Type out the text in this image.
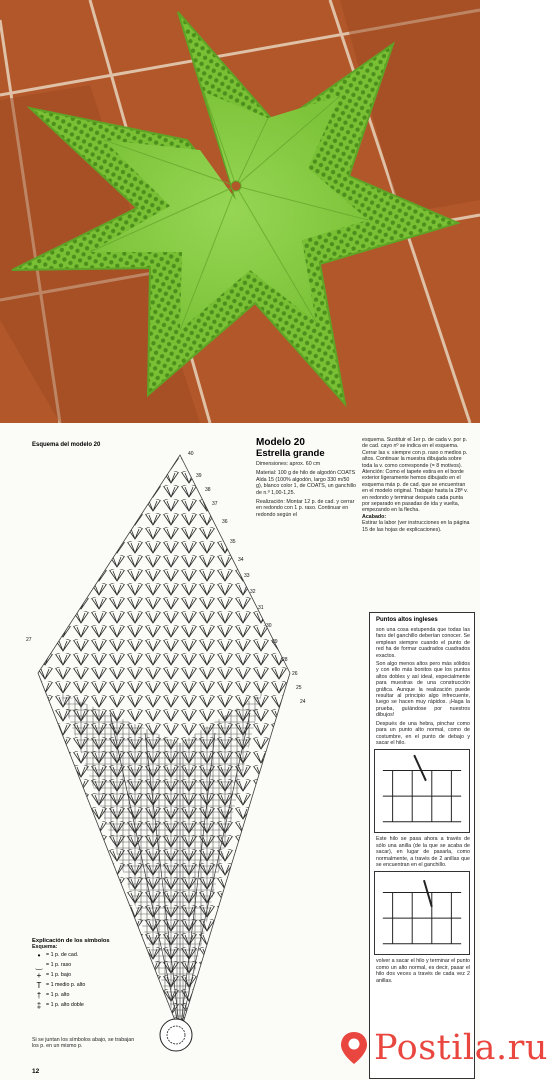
Esquema del modelo 20
40
39
38
37
36
35
34
33
32
31
30
29
28
27
26
25
24
Modelo 20
Estrella grande
Dimensiones: aprox. 60 cm
Material: 100 g de hilo de algodón COATS Alda 15 (100% algodón, largo 330 m/50 g), blanco color 1, de COATS, un ganchillo de n.º 1,00-1,25.
Realización: Montar 12 p. de cad. y cerrar en redondo con 1 p. raso. Continuar en redondo según el
esquema. Sustituir el 1er p. de cada v. por p. de cad. cayo nº se indica en el esquema. Cerrar las v. siempre con p. raso o medios p. altos. Continuar la muestra dibujada sobre toda la v. como corresponde (= 8 motivos). Atención: Como el tapete estira en el borde exterior ligeramente hemos dibujado en el esquema más p. de cad. que se encuentran en el modelo original. Trabajar hasta la 28ª v. en redondo y terminar después cada punta por separado en pasadas de ida y vuelta, empezando en la flecha.
Acabado:
Estirar la labor (ver instrucciones en la página 15 de las hojas de explicaciones).
Puntos altos ingleses
son una cosa estupenda que todas las fans del ganchillo deberían conocer. Se emplean siempre cuando el punto de red ha de formar cuadrados cuadrados exactos.
Son algo menos altos pero más sólidos y con ello más bonitos que los puntos altos dobles y así ideal, especialmente para muestras de una construcción gráfica. Aunque la realización puede resultar al principio algo infrecuente, luego se hacen muy rápidos. ¡Haga la prueba, guíándose por nuestros dibujos!
Después de una hebra, pinchar como para un punto alto normal, como de costumbre, en el punto de debajo y sacar el hilo.
Este hilo se pasa ahora a través de sólo una anilla (de la que se acaba de sacar), en lugar de pasarla, como normalmente, a través de 2 anillas que se encuentran en el ganchillo.
volver a sacar el hilo y terminar el punto como un alto normal, es decir, pasar el hilo dos veces a través de cada vez 2 anillas.
Explicación de los símbolos
Esquema:
•	= 1 p. de cad.
‿ = 1 p. raso
+ = 1 p. bajo
T = 1 medio p. alto
† = 1 p. alto
‡ = 1 p. alto doble
Si se juntan los símbolos abajo, se trabajan los p. en un mismo p.
12
Postila.ru
